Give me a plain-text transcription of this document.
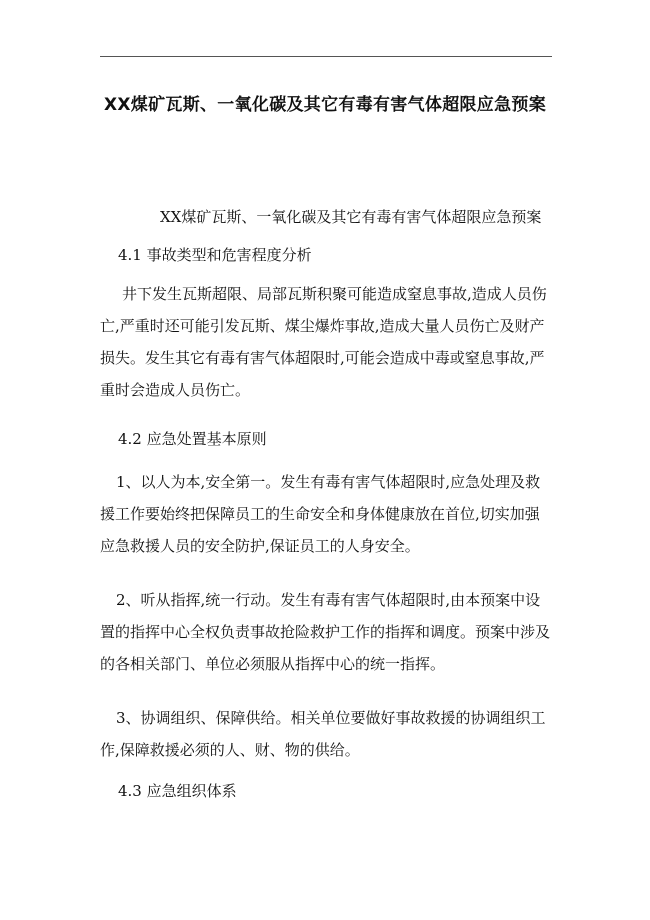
XX煤矿瓦斯、一氧化碳及其它有毒有害气体超限应急预案
XX煤矿瓦斯、一氧化碳及其它有毒有害气体超限应急预案
4.1 事故类型和危害程度分析
井下发生瓦斯超限、局部瓦斯积聚可能造成窒息事故,造成人员伤
亡,严重时还可能引发瓦斯、煤尘爆炸事故,造成大量人员伤亡及财产
损失。发生其它有毒有害气体超限时,可能会造成中毒或窒息事故,严
重时会造成人员伤亡。
4.2 应急处置基本原则
1、以人为本,安全第一。发生有毒有害气体超限时,应急处理及救
援工作要始终把保障员工的生命安全和身体健康放在首位,切实加强
应急救援人员的安全防护,保证员工的人身安全。
2、听从指挥,统一行动。发生有毒有害气体超限时,由本预案中设
置的指挥中心全权负责事故抢险救护工作的指挥和调度。预案中涉及
的各相关部门、单位必须服从指挥中心的统一指挥。
3、协调组织、保障供给。相关单位要做好事故救援的协调组织工
作,保障救援必须的人、财、物的供给。
4.3 应急组织体系
